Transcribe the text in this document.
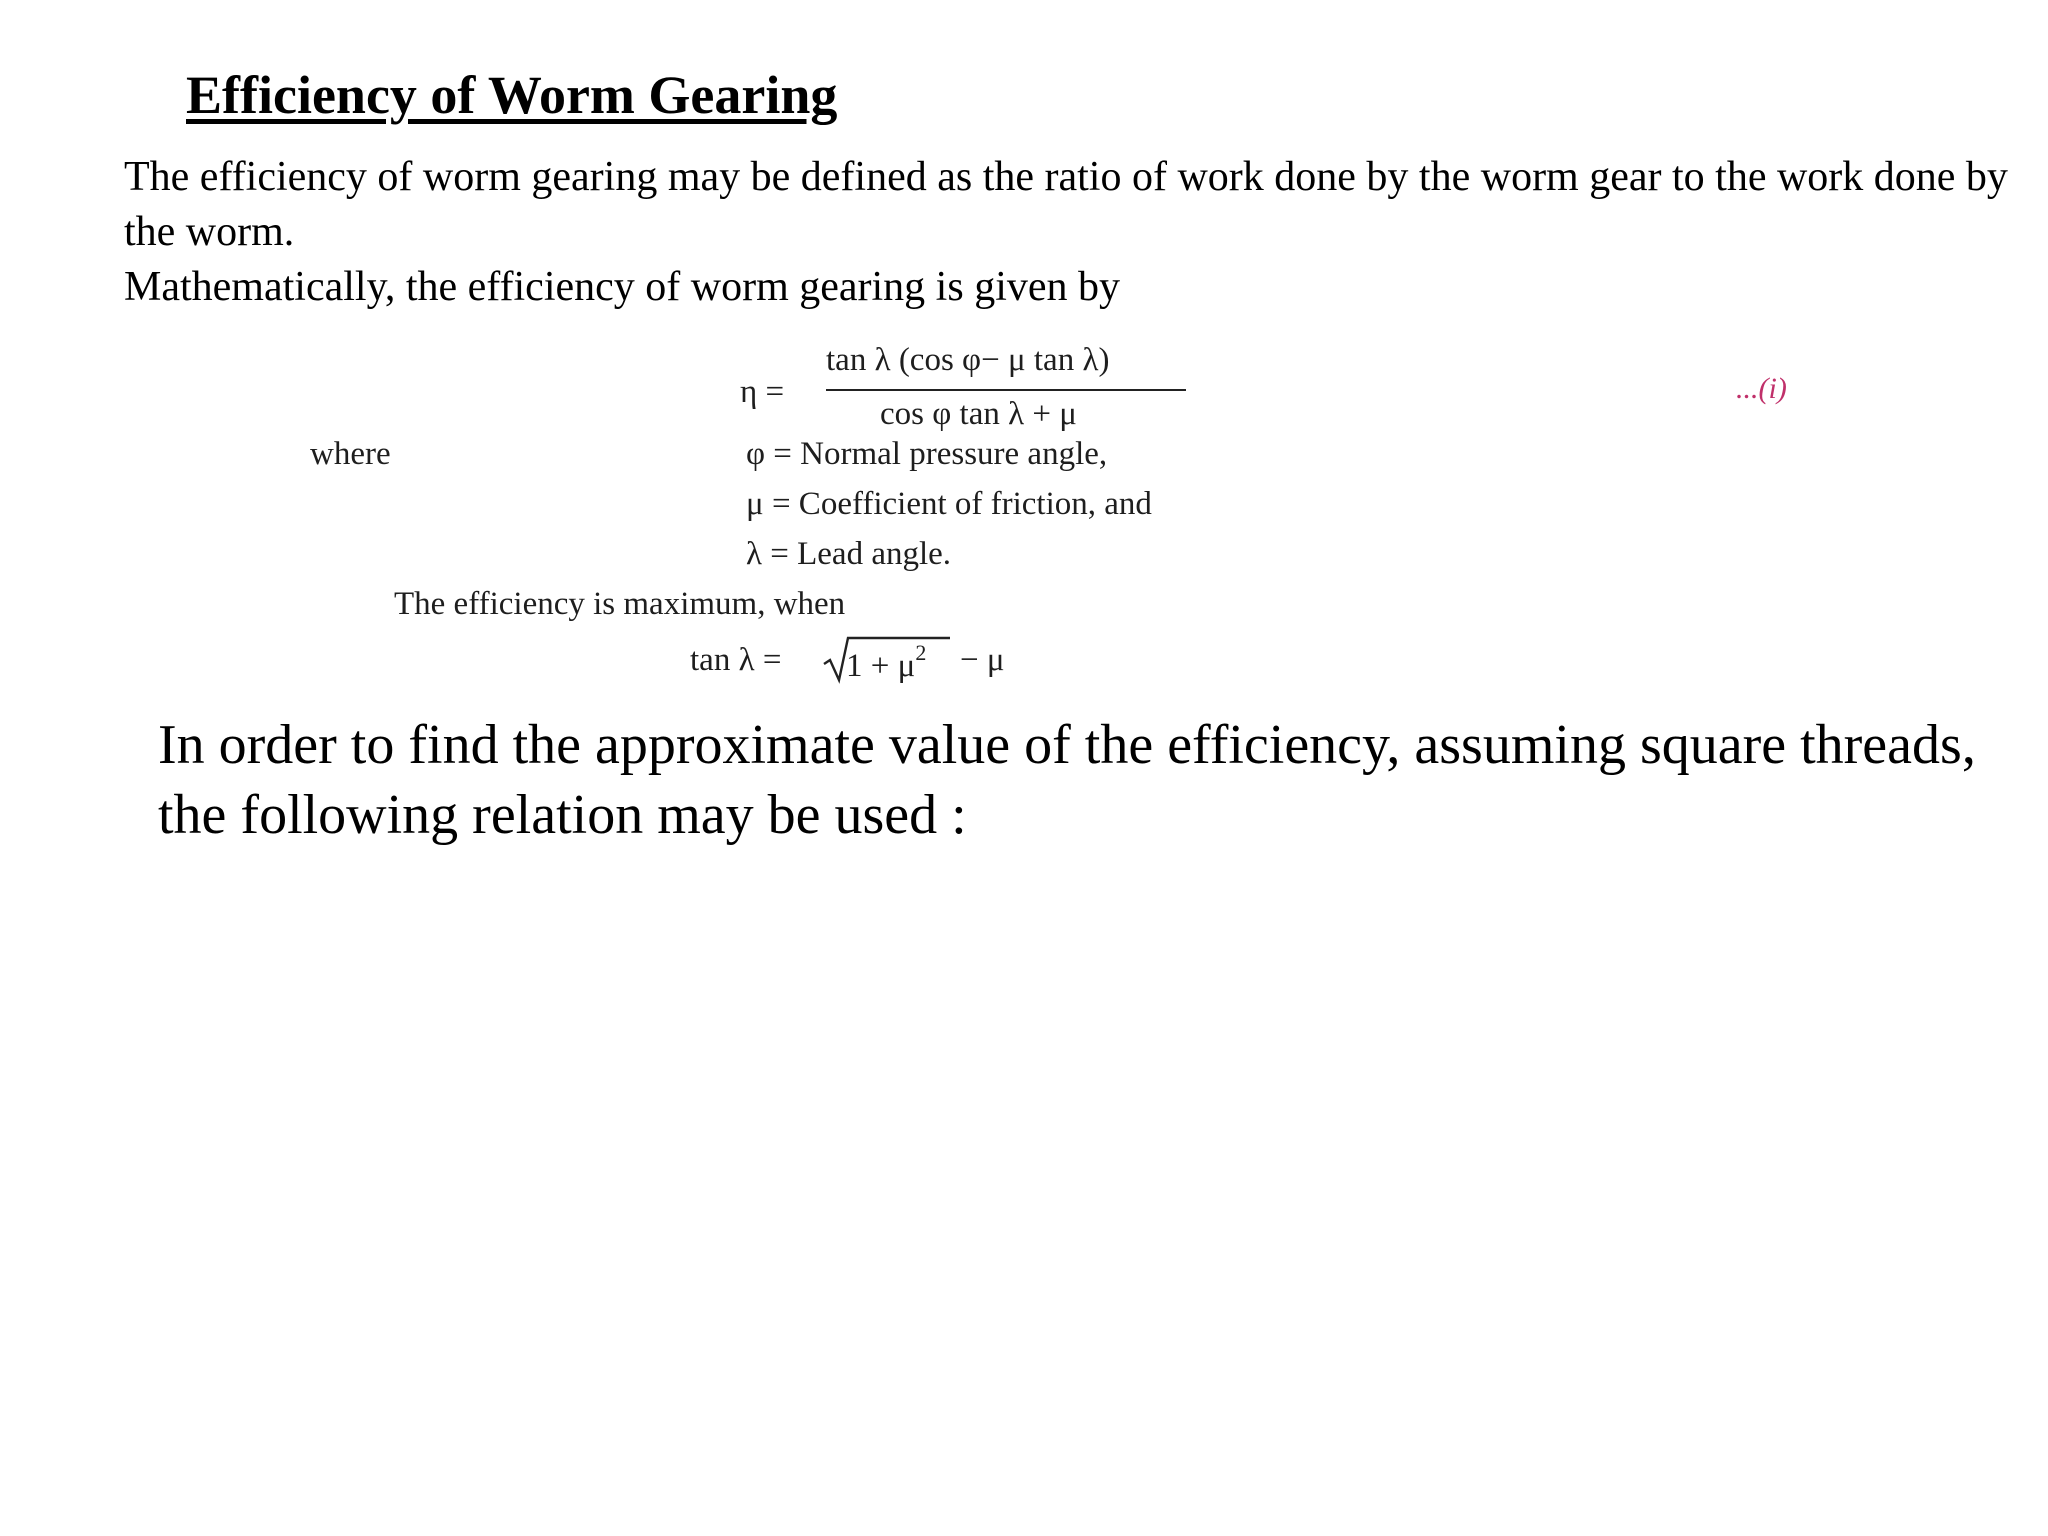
Efficiency of Worm Gearing

The efficiency of worm gearing may be defined as the ratio of work done by the worm gear to the work done by the worm.

Mathematically, the efficiency of worm gearing is given by

η =
tan λ (cos φ− μ tan λ)
cos φ tan λ + μ
...(i)
where	φ = Normal pressure angle,
μ = Coefficient of friction, and
λ = Lead angle.
The efficiency is maximum, when
$\tan \lambda = 1 + \mu^2 - \mu$
In order to find the approximate value of the efficiency, assuming square threads, the following relation may be used :
